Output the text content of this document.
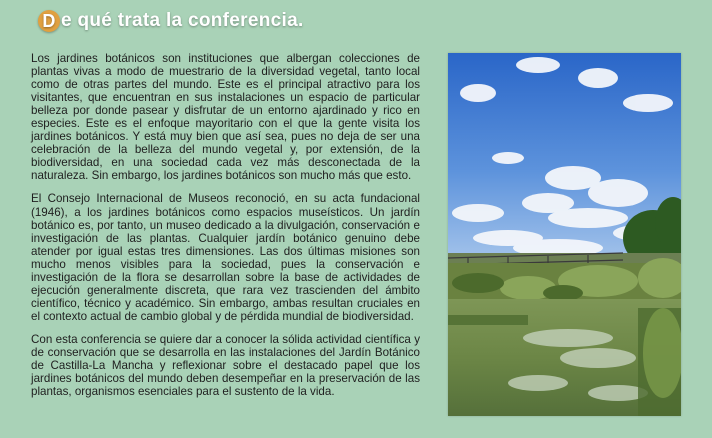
D e qué trata la conferencia.

Los jardines botánicos son instituciones que albergan colecciones de plantas vivas a modo de muestrario de la diversidad vegetal, tanto local como de otras partes del mundo. Este es el principal atractivo para los visitantes, que encuentran en sus instalaciones un espacio de particular belleza por donde pasear y disfrutar de un entorno ajardinado y rico en especies. Este es el enfoque mayoritario con el que la gente visita los jardines botánicos. Y está muy bien que así sea, pues no deja de ser una celebración de la belleza del mundo vegetal y, por extensión, de la biodiversidad, en una sociedad cada vez más desconectada de la naturaleza. Sin embargo, los jardines botánicos son mucho más que esto.

El Consejo Internacional de Museos reconoció, en su acta fundacional (1946), a los jardines botánicos como espacios museísticos. Un jardín botánico es, por tanto, un museo dedicado a la divulgación, conservación e investigación de las plantas. Cualquier jardín botánico genuino debe atender por igual estas tres dimensiones. Las dos últimas misiones son mucho menos visibles para la sociedad, pues la conservación e investigación de la flora se desarrollan sobre la base de actividades de ejecución generalmente discreta, que rara vez trascienden del ámbito científico, técnico y académico. Sin embargo, ambas resultan cruciales en el contexto actual de cambio global y de pérdida mundial de biodiversidad.

Con esta conferencia se quiere dar a conocer la sólida actividad científica y de conservación que se desarrolla en las instalaciones del Jardín Botánico de Castilla-La Mancha y reflexionar sobre el destacado papel que los jardines botánicos del mundo deben desempeñar en la preservación de las plantas, organismos esenciales para el sustento de la vida.
